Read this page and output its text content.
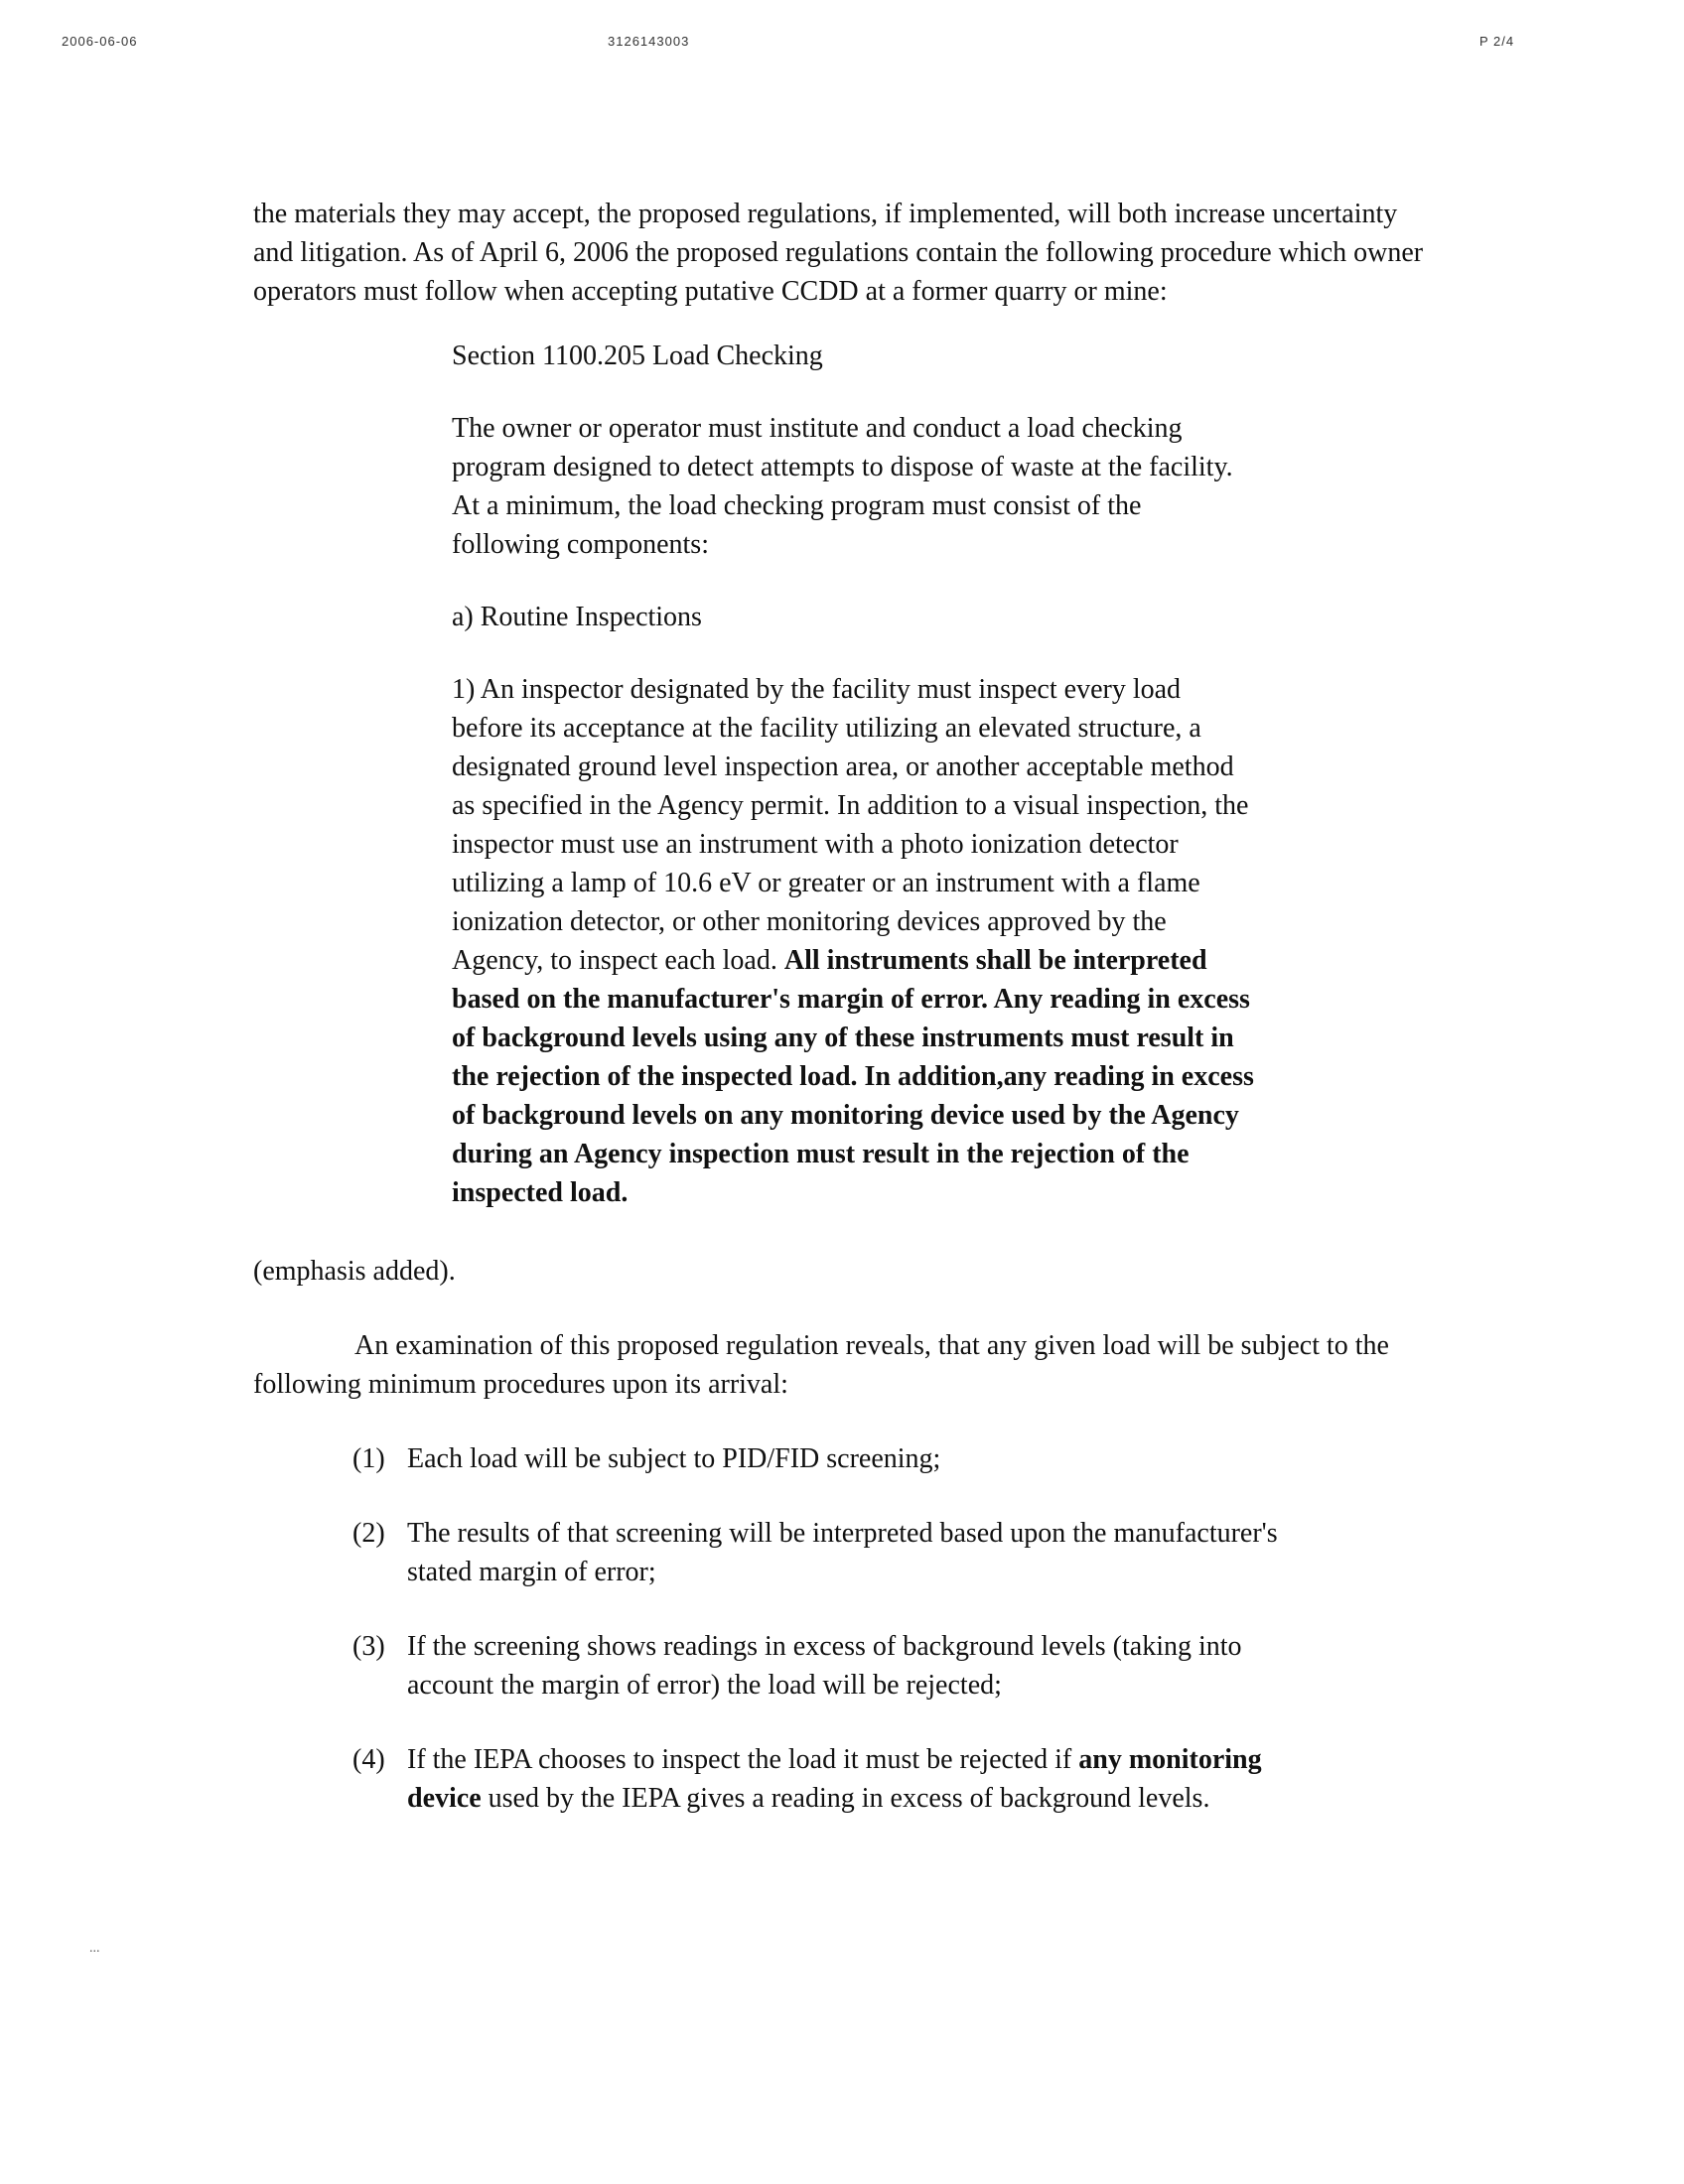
2006-06-06	3126143003	P 2/4

the materials they may accept, the proposed regulations, if implemented, will both increase uncertainty and litigation. As of April 6, 2006 the proposed regulations contain the following procedure which owner operators must follow when accepting putative CCDD at a former quarry or mine:

Section 1100.205 Load Checking

The owner or operator must institute and conduct a load checking program designed to detect attempts to dispose of waste at the facility. At a minimum, the load checking program must consist of the following components:

a) Routine Inspections

1) An inspector designated by the facility must inspect every load before its acceptance at the facility utilizing an elevated structure, a designated ground level inspection area, or another acceptable method as specified in the Agency permit. In addition to a visual inspection, the inspector must use an instrument with a photo ionization detector utilizing a lamp of 10.6 eV or greater or an instrument with a flame ionization detector, or other monitoring devices approved by the Agency, to inspect each load. All instruments shall be interpreted based on the manufacturer's margin of error. Any reading in excess of background levels using any of these instruments must result in the rejection of the inspected load. In addition,any reading in excess of background levels on any monitoring device used by the Agency during an Agency inspection must result in the rejection of the inspected load.

(emphasis added).

An examination of this proposed regulation reveals, that any given load will be subject to the following minimum procedures upon its arrival:

(1) Each load will be subject to PID/FID screening;
(2) The results of that screening will be interpreted based upon the manufacturer's stated margin of error;
(3) If the screening shows readings in excess of background levels (taking into account the margin of error) the load will be rejected;
(4) If the IEPA chooses to inspect the load it must be rejected if any monitoring device used by the IEPA gives a reading in excess of background levels.
...
